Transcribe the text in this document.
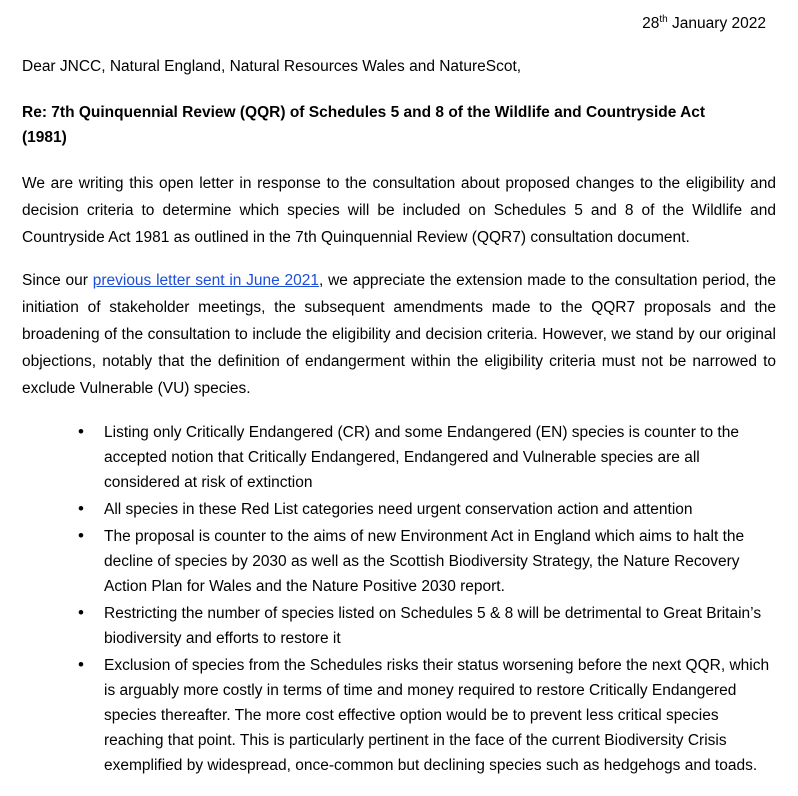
28th January 2022
Dear JNCC, Natural England, Natural Resources Wales and NatureScot,
Re: 7th Quinquennial Review (QQR) of Schedules 5 and 8 of the Wildlife and Countryside Act (1981)

We are writing this open letter in response to the consultation about proposed changes to the eligibility and decision criteria to determine which species will be included on Schedules 5 and 8 of the Wildlife and Countryside Act 1981 as outlined in the 7th Quinquennial Review (QQR7) consultation document.

Since our previous letter sent in June 2021, we appreciate the extension made to the consultation period, the initiation of stakeholder meetings, the subsequent amendments made to the QQR7 proposals and the broadening of the consultation to include the eligibility and decision criteria. However, we stand by our original objections, notably that the definition of endangerment within the eligibility criteria must not be narrowed to exclude Vulnerable (VU) species.

• Listing only Critically Endangered (CR) and some Endangered (EN) species is counter to the accepted notion that Critically Endangered, Endangered and Vulnerable species are all considered at risk of extinction
• All species in these Red List categories need urgent conservation action and attention
• The proposal is counter to the aims of new Environment Act in England which aims to halt the decline of species by 2030 as well as the Scottish Biodiversity Strategy, the Nature Recovery Action Plan for Wales and the Nature Positive 2030 report.
• Restricting the number of species listed on Schedules 5 & 8 will be detrimental to Great Britain’s biodiversity and efforts to restore it
• Exclusion of species from the Schedules risks their status worsening before the next QQR, which is arguably more costly in terms of time and money required to restore Critically Endangered species thereafter. The more cost effective option would be to prevent less critical species reaching that point. This is particularly pertinent in the face of the current Biodiversity Crisis exemplified by widespread, once-common but declining species such as hedgehogs and toads.
